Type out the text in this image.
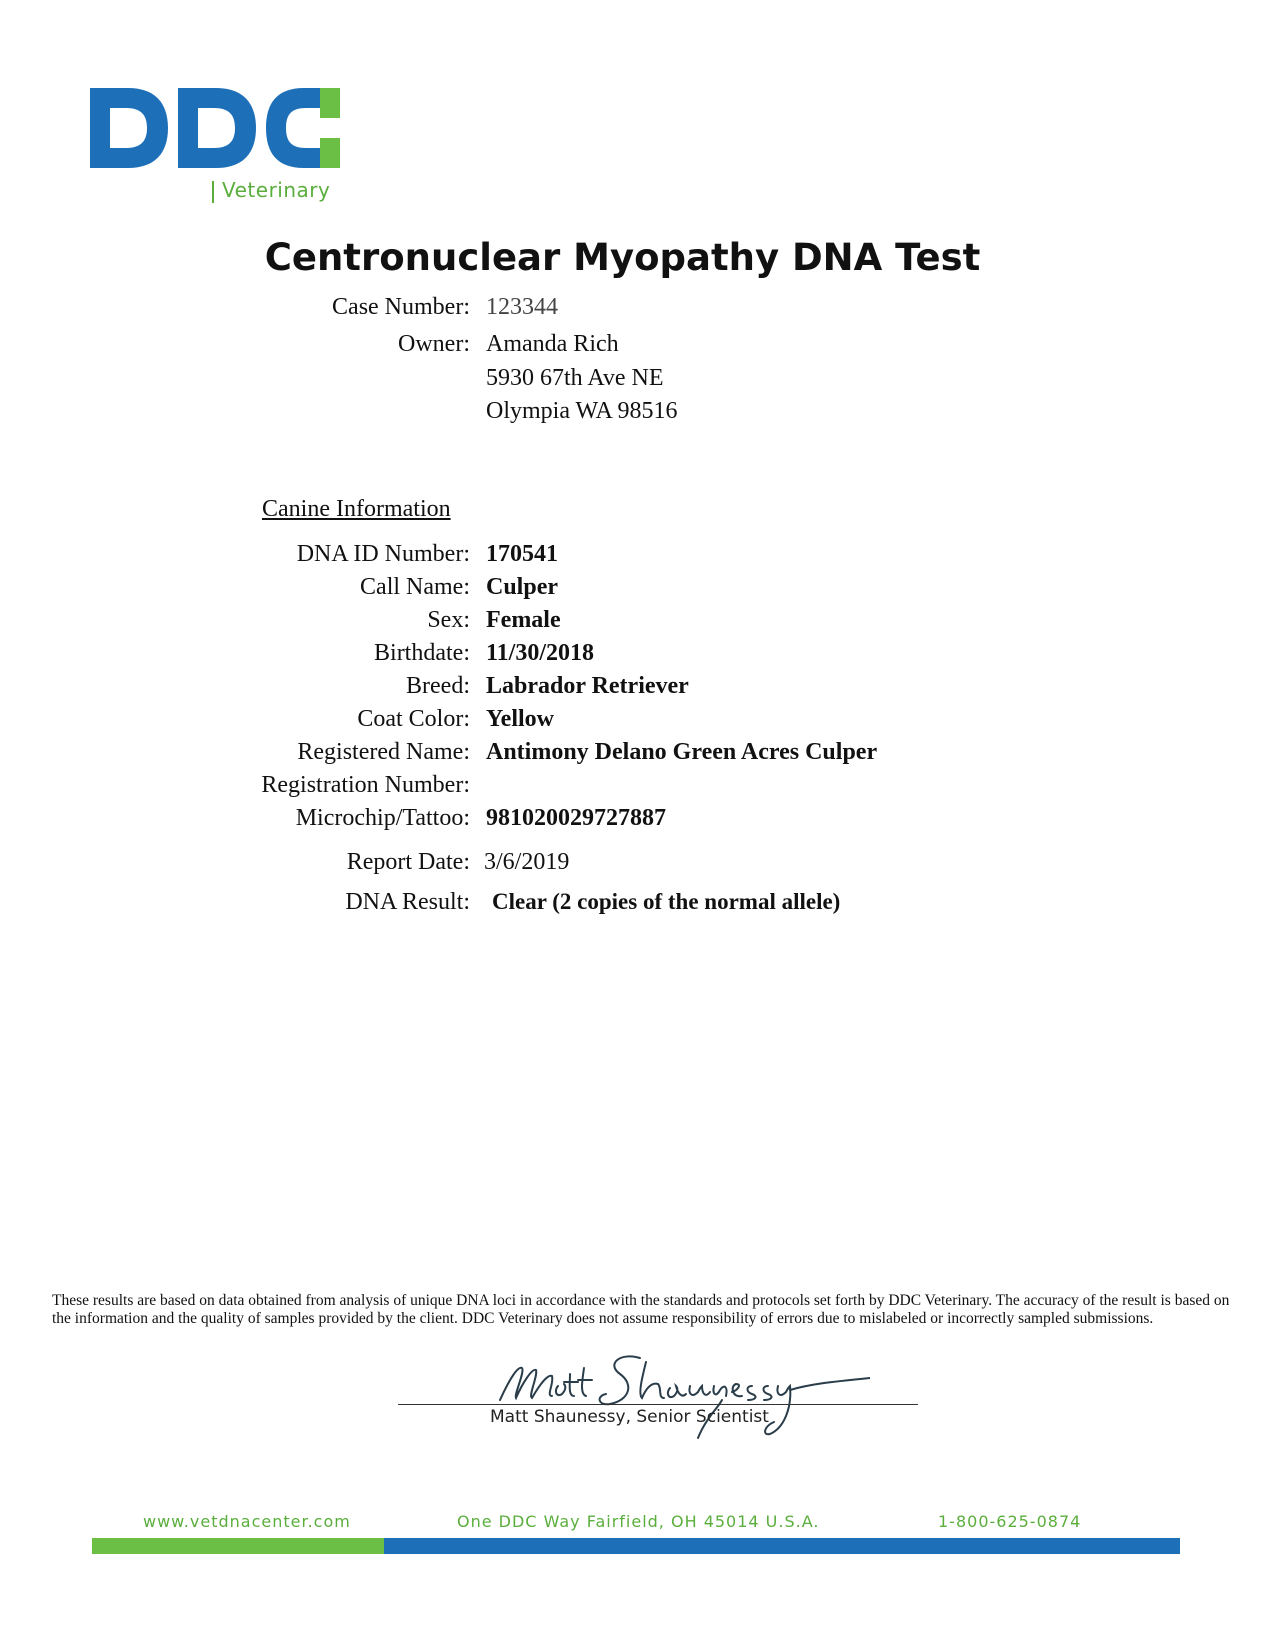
Veterinary
Centronuclear Myopathy DNA Test
Case Number: 123344
Owner: Amanda Rich
5930 67th Ave NE
Olympia WA 98516
Canine Information
DNA ID Number: 170541
Call Name: Culper
Sex: Female
Birthdate: 11/30/2018
Breed: Labrador Retriever
Coat Color: Yellow
Registered Name: Antimony Delano Green Acres Culper
Registration Number:
Microchip/Tattoo: 981020029727887
Report Date: 3/6/2019
DNA Result: Clear (2 copies of the normal allele)
These results are based on data obtained from analysis of unique DNA loci in accordance with the standards and protocols set forth by DDC Veterinary. The accuracy of the result is based on the information and the quality of samples provided by the client. DDC Veterinary does not assume responsibility of errors due to mislabeled or incorrectly sampled submissions.
Matt Shaunessy, Senior Scientist
www.vetdnacenter.com	One DDC Way Fairfield, OH 45014 U.S.A.	1-800-625-0874
